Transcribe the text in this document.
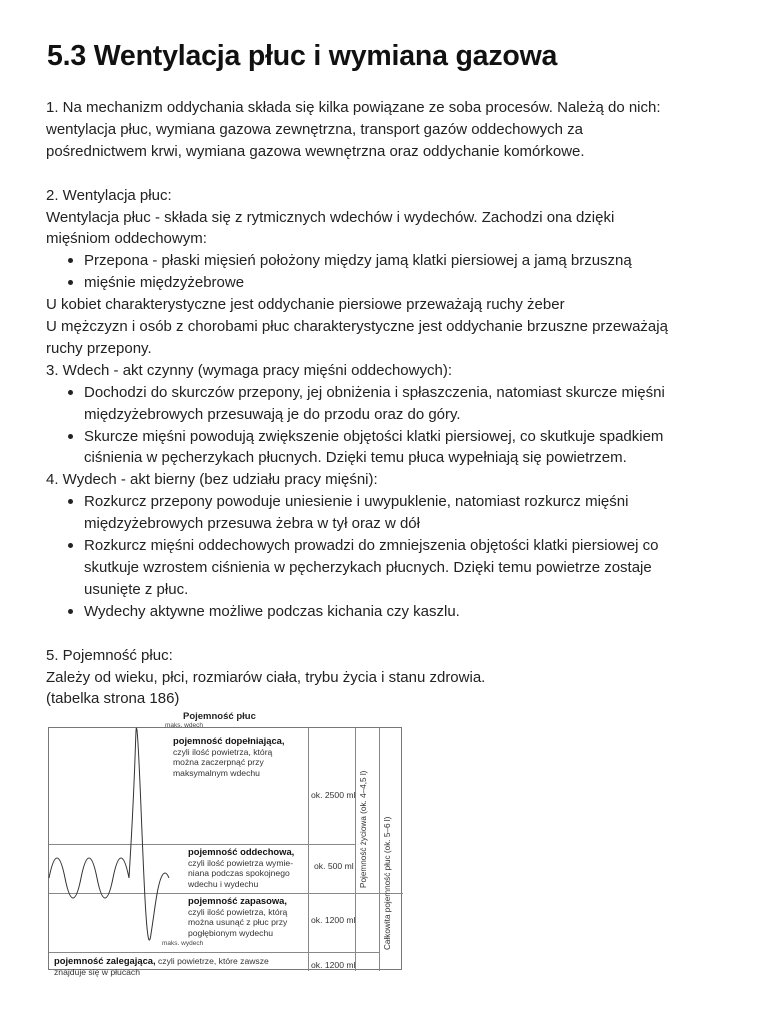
5.3 Wentylacja płuc i wymiana gazowa

1. Na mechanizm oddychania składa się kilka powiązane ze soba procesów. Należą do nich:

wentylacja płuc, wymiana gazowa zewnętrzna, transport gazów oddechowych za

pośrednictwem krwi, wymiana gazowa wewnętrzna oraz oddychanie komórkowe.

2. Wentylacja płuc:

Wentylacja płuc - składa się z rytmicznych wdechów i wydechów. Zachodzi ona dzięki

mięśniom oddechowym:

Przepona - płaski mięsień położony między jamą klatki piersiowej a jamą brzuszną
mięśnie międzyżebrowe

U kobiet charakterystyczne jest oddychanie piersiowe przeważają ruchy żeber

U mężczyzn i osób z chorobami płuc charakterystyczne jest oddychanie brzuszne przeważają

ruchy przepony.

3. Wdech - akt czynny (wymaga pracy mięśni oddechowych):

Dochodzi do skurczów przepony, jej obniżenia i spłaszczenia, natomiast skurcze mięśni
międzyżebrowych przesuwają je do przodu oraz do góry.
Skurcze mięśni powodują zwiększenie objętości klatki piersiowej, co skutkuje spadkiem
ciśnienia w pęcherzykach płucnych. Dzięki temu płuca wypełniają się powietrzem.

4. Wydech - akt bierny (bez udziału pracy mięśni):

Rozkurcz przepony powoduje uniesienie i uwypuklenie, natomiast rozkurcz mięśni
międzyżebrowych przesuwa żebra w tył oraz w dół
Rozkurcz mięśni oddechowych prowadzi do zmniejszenia objętości klatki piersiowej co
skutkuje wzrostem ciśnienia w pęcherzykach płucnych. Dzięki temu powietrze zostaje
usunięte z płuc.
Wydechy aktywne możliwe podczas kichania czy kaszlu.

5. Pojemność płuc:

Zależy od wieku, płci, rozmiarów ciała, trybu życia i stanu zdrowia.

(tabelka strona 186)

Pojemność płuc
maks. wdech
maks. wydech
pojemność dopełniająca,
czyli ilość powietrza, którą
można zaczerpnąć przy
maksymalnym wdechu
ok. 2500 ml
pojemność oddechowa,
czyli ilość powietrza wymie-
niana podczas spokojnego
wdechu i wydechu
ok. 500 ml
pojemność zapasowa,
czyli ilość powietrza, którą
można usunąć z płuc przy
pogłębionym wydechu
ok. 1200 ml
pojemność zalegająca, czyli powietrze, które zawsze
znajduje się w płucach
ok. 1200 ml
Pojemność życiowa (ok. 4–4,5 l) Całkowita pojemność płuc (ok. 5–6 l)
